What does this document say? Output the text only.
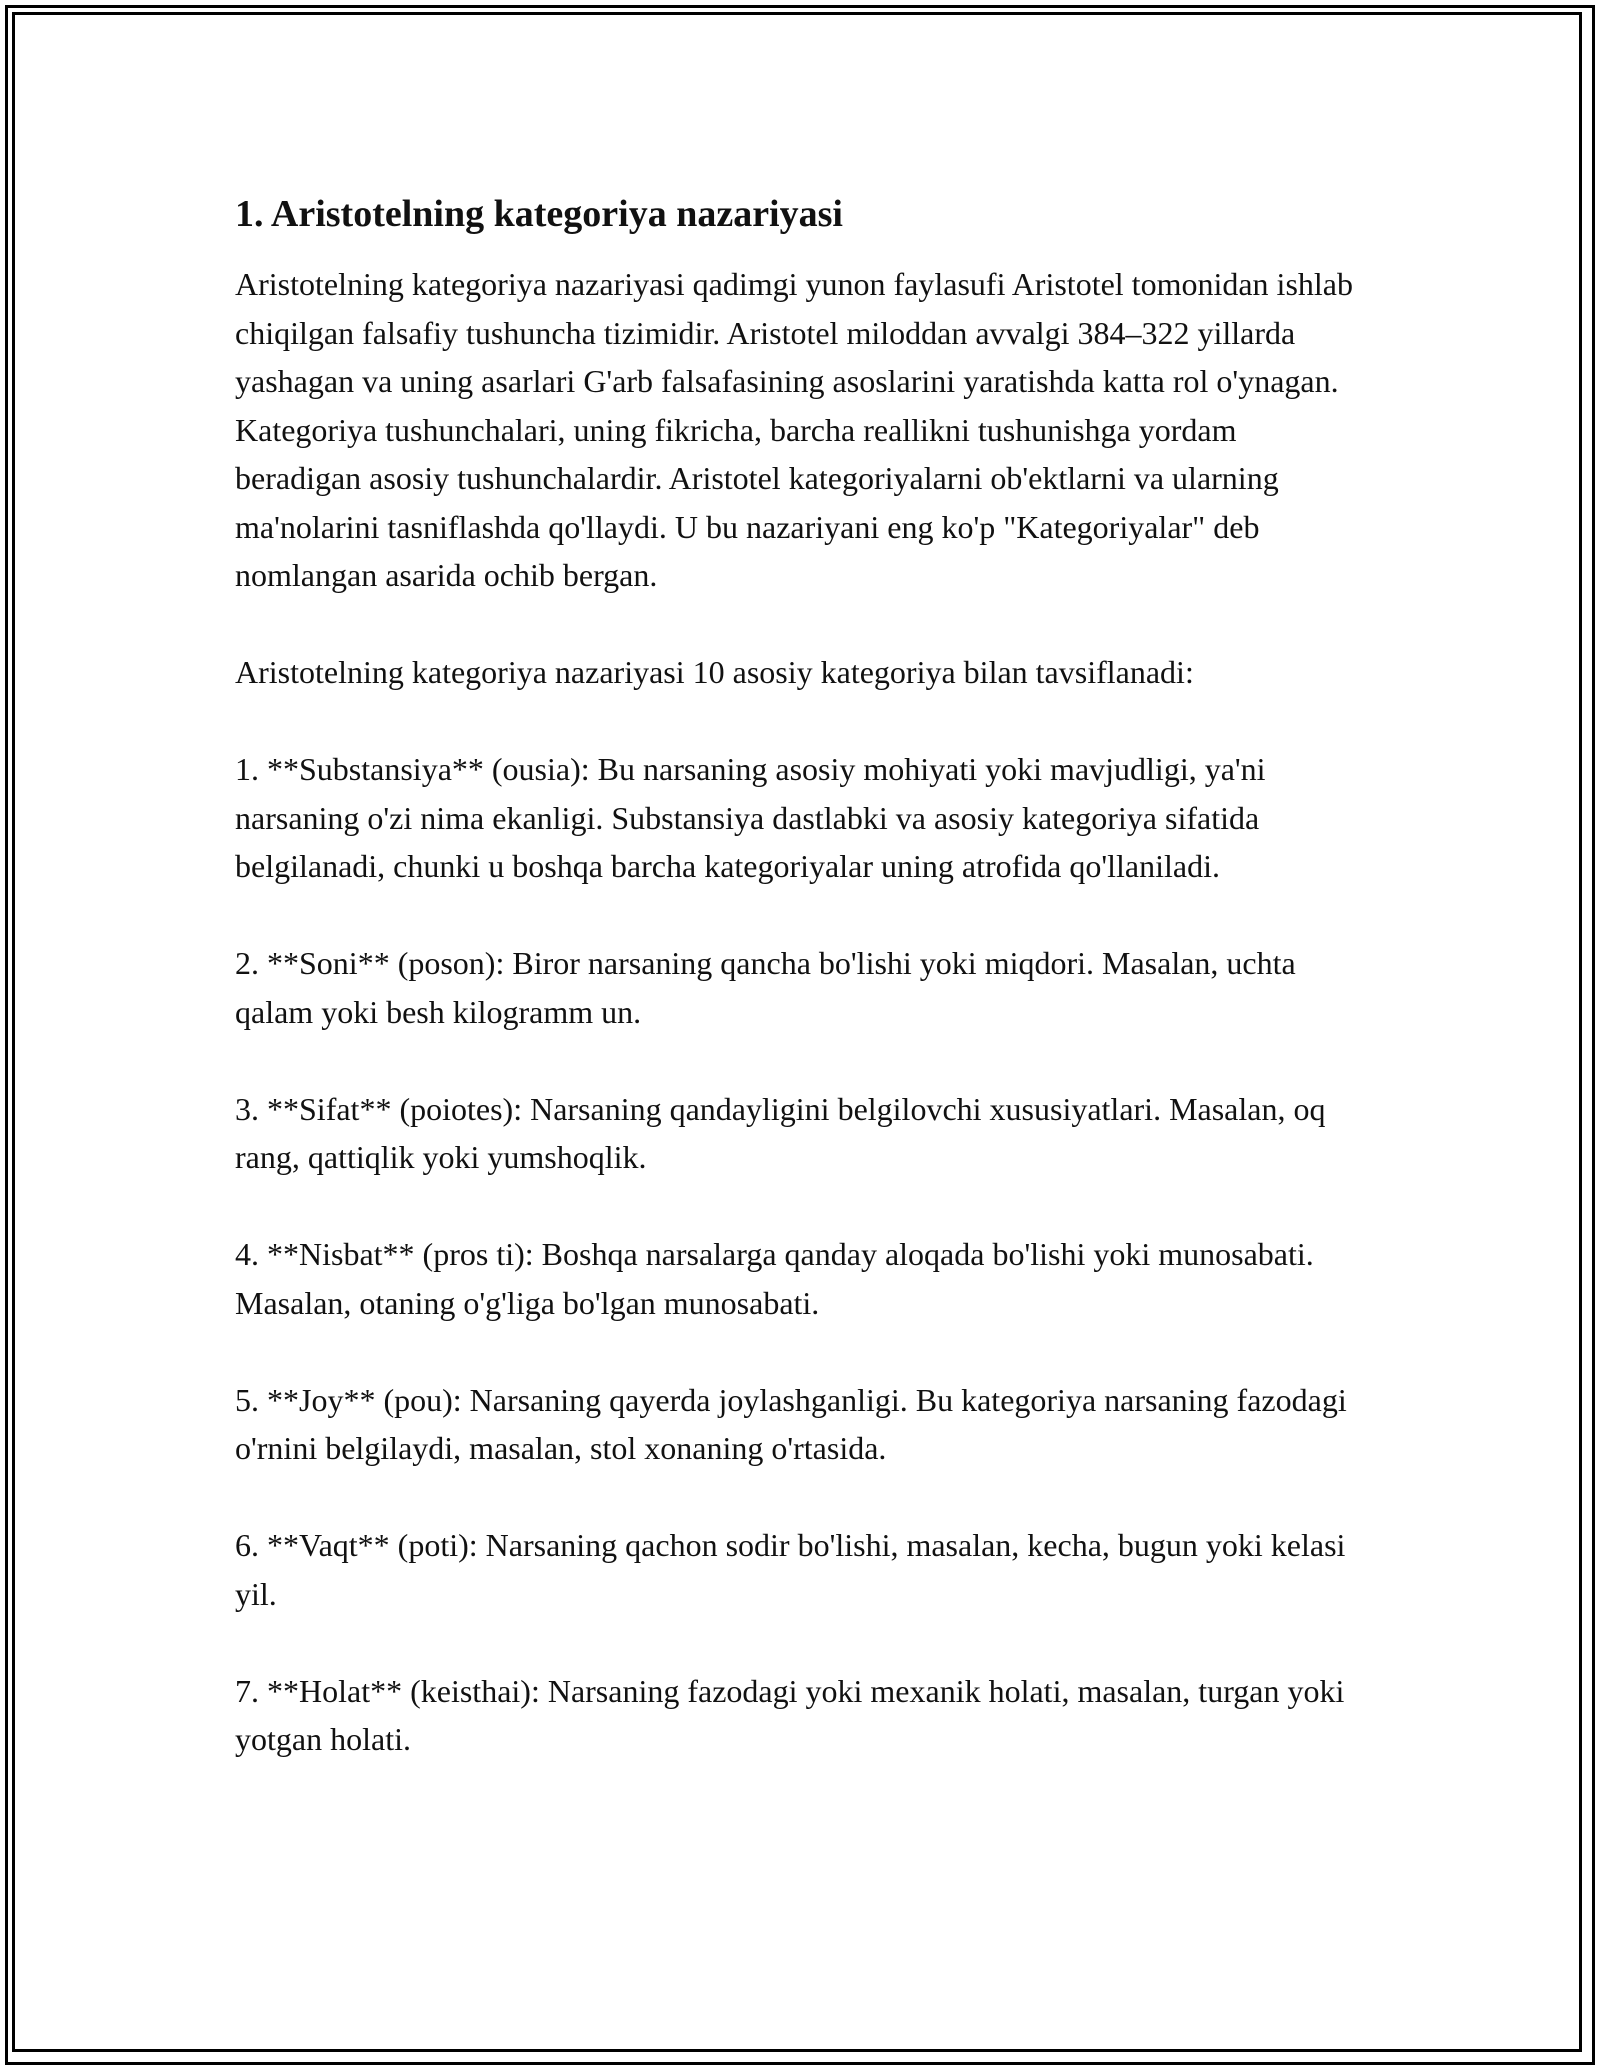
1. Aristotelning kategoriya nazariyasi

Aristotelning kategoriya nazariyasi qadimgi yunon faylasufi Aristotel tomonidan ishlab chiqilgan falsafiy tushuncha tizimidir. Aristotel miloddan avvalgi 384–322 yillarda yashagan va uning asarlari G'arb falsafasining asoslarini yaratishda katta rol o'ynagan. Kategoriya tushunchalari, uning fikricha, barcha reallikni tushunishga yordam beradigan asosiy tushunchalardir. Aristotel kategoriyalarni ob'ektlarni va ularning ma'nolarini tasniflashda qo'llaydi. U bu nazariyani eng ko'p "Kategoriyalar" deb nomlangan asarida ochib bergan.

Aristotelning kategoriya nazariyasi 10 asosiy kategoriya bilan tavsiflanadi:

1. **Substansiya** (ousia): Bu narsaning asosiy mohiyati yoki mavjudligi, ya'ni narsaning o'zi nima ekanligi. Substansiya dastlabki va asosiy kategoriya sifatida belgilanadi, chunki u boshqa barcha kategoriyalar uning atrofida qo'llaniladi.

2. **Soni** (poson): Biror narsaning qancha bo'lishi yoki miqdori. Masalan, uchta qalam yoki besh kilogramm un.

3. **Sifat** (poiotes): Narsaning qandayligini belgilovchi xususiyatlari. Masalan, oq rang, qattiqlik yoki yumshoqlik.

4. **Nisbat** (pros ti): Boshqa narsalarga qanday aloqada bo'lishi yoki munosabati. Masalan, otaning o'g'liga bo'lgan munosabati.

5. **Joy** (pou): Narsaning qayerda joylashganligi. Bu kategoriya narsaning fazodagi o'rnini belgilaydi, masalan, stol xonaning o'rtasida.

6. **Vaqt** (poti): Narsaning qachon sodir bo'lishi, masalan, kecha, bugun yoki kelasi yil.

7. **Holat** (keisthai): Narsaning fazodagi yoki mexanik holati, masalan, turgan yoki yotgan holati.
